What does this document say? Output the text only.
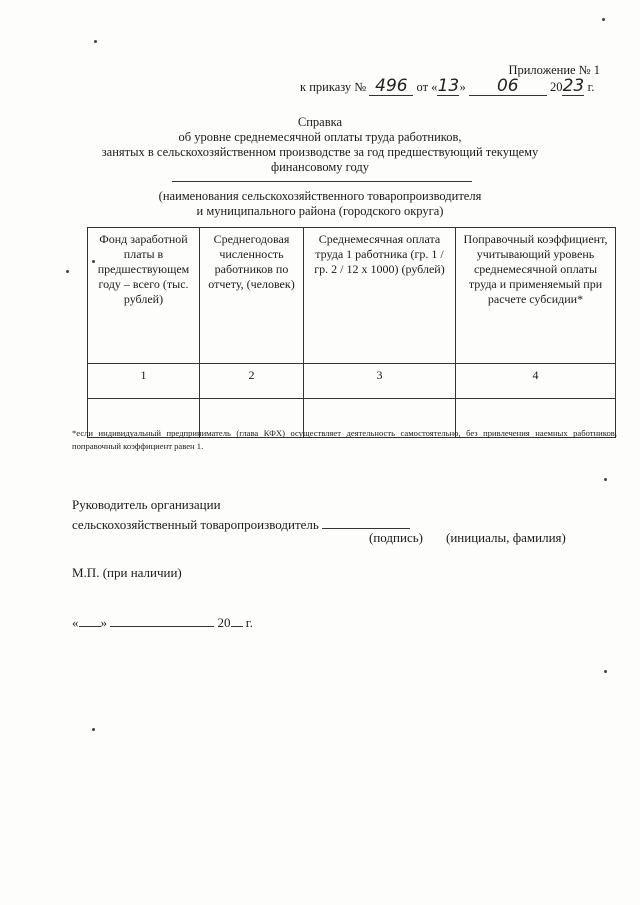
Приложение № 1
к приказу № 496 от «13» 06	2023 г.
Справка
об уровне среднемесячной оплаты труда работников,
занятых в сельскохозяйственном производстве за год предшествующий текущему
финансовому году
(наименования сельскохозяйственного товаропроизводителя
и муниципального района (городского округа)
Фонд заработной платы в предшествующем году – всего (тыс. рублей)	Среднегодовая численность работников по отчету, (человек)	Среднемесячная оплата труда 1 работника (гр. 1 / гр. 2 / 12 х 1000) (рублей)	Поправочный коэффициент, учитывающий уровень среднемесячной оплаты труда и применяемый при расчете субсидии*
1	2	3	4

*если индивидуальный предприниматель (глава КФХ) осуществляет деятельность самостоятельно, без привлечения наемных работников, поправочный коэффициент равен 1.
Руководитель организации
сельскохозяйственный товаропроизводитель
(подпись) (инициалы, фамилия)
М.П. (при наличии)
« »	20 г.
